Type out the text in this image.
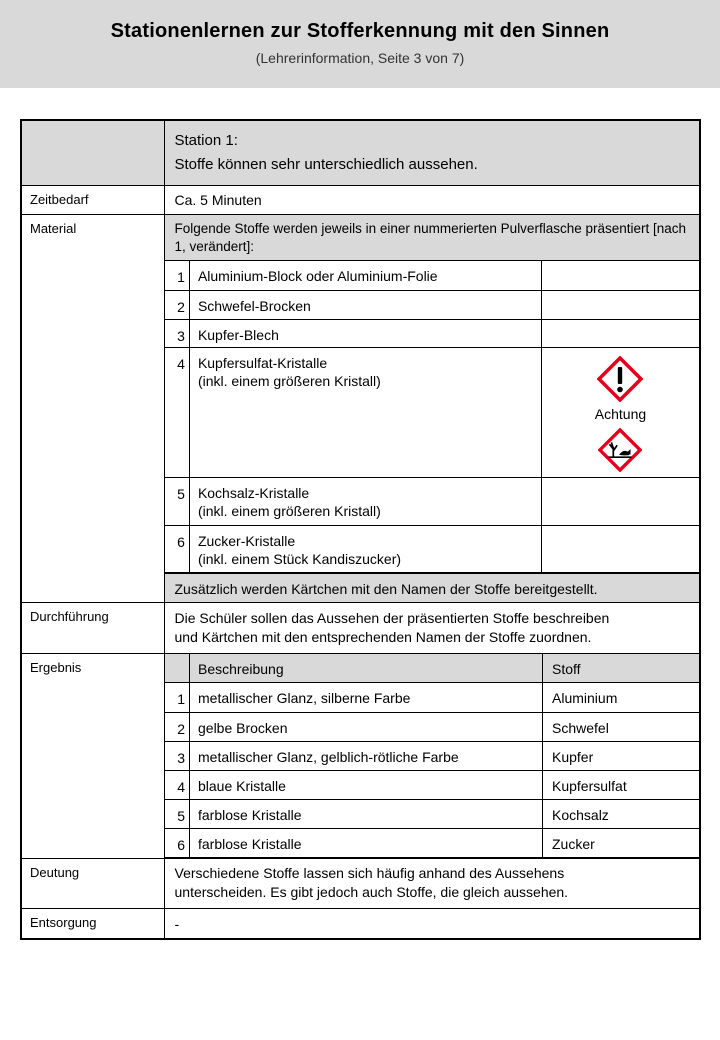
Stationenlernen zur Stofferkennung mit den Sinnen
(Lehrerinformation, Seite 3 von 7)

Station 1:
Stoffe können sehr unterschiedlich aussehen.

Zeitbedarf	Ca. 5 Minuten

Material	Folgende Stoffe werden jeweils in einer nummerierten Pulverflasche präsentiert [nach 1, verändert]:
1	Aluminium-Block oder Aluminium-Folie

2	Schwefel-Brocken

3	Kupfer-Blech

4	Kupfersulfat-Kristalle
(inkl. einem größeren Kristall)

Achtung

5	Kochsalz-Kristalle
(inkl. einem größeren Kristall)

6	Zucker-Kristalle
(inkl. einem Stück Kandiszucker)

Zusätzlich werden Kärtchen mit den Namen der Stoffe bereitgestellt.

Durchführung	Die Schüler sollen das Aussehen der präsentierten Stoffe beschreiben
und Kärtchen mit den entsprechenden Namen der Stoffe zuordnen.

Ergebnis	
		Beschreibung	Stoff
1	metallischer Glanz, silberne Farbe	Aluminium
2	gelbe Brocken	Schwefel
3	metallischer Glanz, gelblich-rötliche Farbe	Kupfer
4	blaue Kristalle	Kupfersulfat
5	farblose Kristalle	Kochsalz
6	farblose Kristalle	Zucker

Deutung	Verschiedene Stoffe lassen sich häufig anhand des Aussehens
unterscheiden. Es gibt jedoch auch Stoffe, die gleich aussehen.

Entsorgung	-
